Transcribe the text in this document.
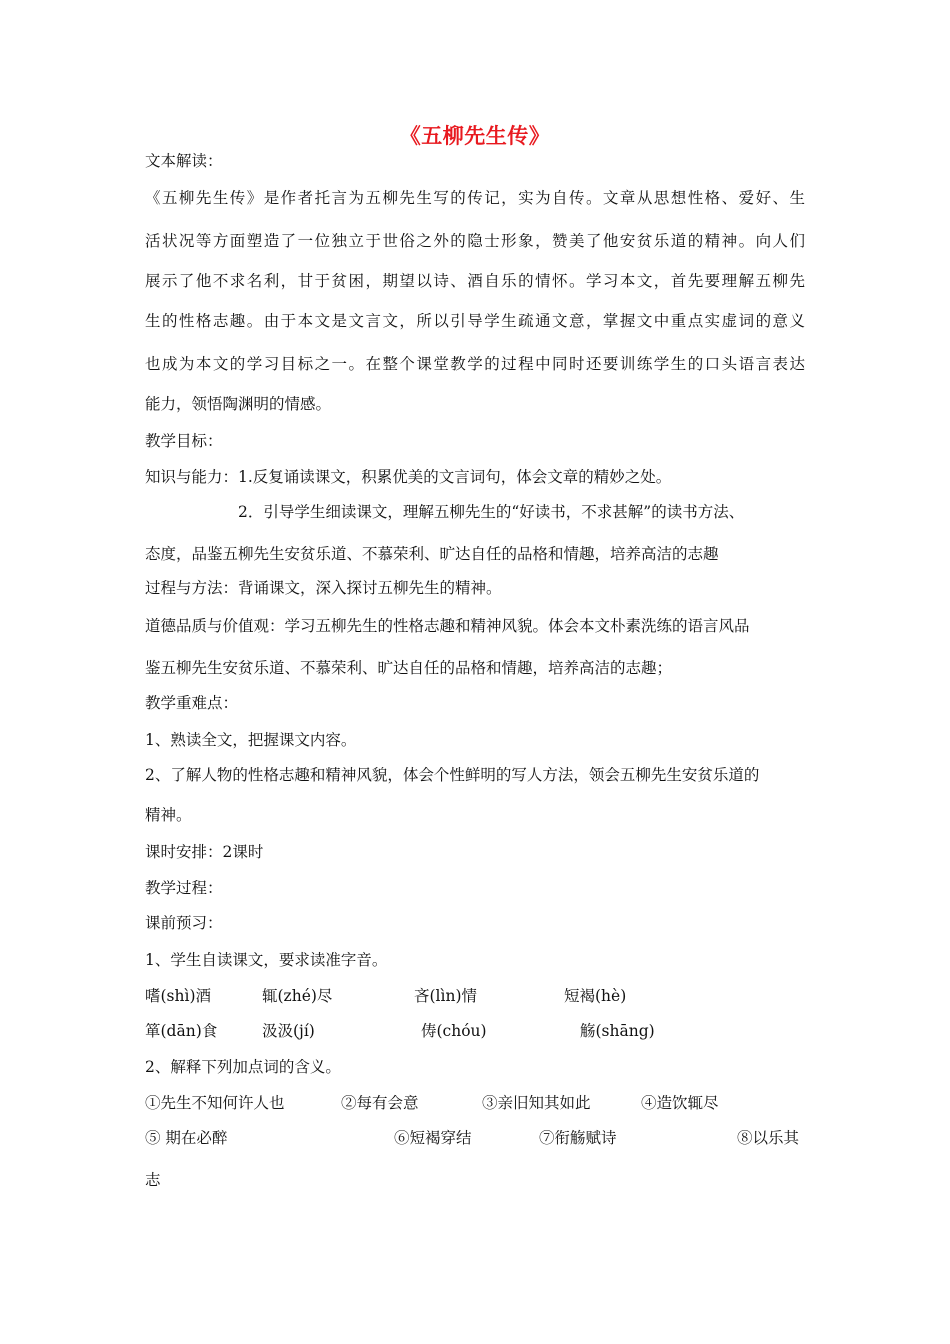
《五柳先生传》
文本解读：
《五柳先生传》是作者托言为五柳先生写的传记，实为自传。文章从思想性格、爱好、生
活状况等方面塑造了一位独立于世俗之外的隐士形象，赞美了他安贫乐道的精神。向人们
展示了他不求名利，甘于贫困，期望以诗、酒自乐的情怀。学习本文，首先要理解五柳先
生的性格志趣。由于本文是文言文，所以引导学生疏通文意，掌握文中重点实虚词的意义
也成为本文的学习目标之一。在整个课堂教学的过程中同时还要训练学生的口头语言表达
能力，领悟陶渊明的情感。
教学目标：
知识与能力：1.反复诵读课文，积累优美的文言词句，体会文章的精妙之处。
2．引导学生细读课文，理解五柳先生的“好读书，不求甚解”的读书方法、
态度，品鉴五柳先生安贫乐道、不慕荣利、旷达自任的品格和情趣，培养高洁的志趣
过程与方法：背诵课文，深入探讨五柳先生的精神。
道德品质与价值观：学习五柳先生的性格志趣和精神风貌。体会本文朴素洗练的语言风品
鉴五柳先生安贫乐道、不慕荣利、旷达自任的品格和情趣，培养高洁的志趣；
教学重难点：
1、熟读全文，把握课文内容。
2、了解人物的性格志趣和精神风貌，体会个性鲜明的写人方法，领会五柳先生安贫乐道的
精神。
课时安排：2课时
教学过程：
课前预习：
1、学生自读课文，要求读准字音。
嗜(shì)酒	辄(zhé)尽	吝(lìn)情	短褐(hè)
箪(dān)食	汲汲(jí)	俦(chóu)	觞(shāng)
2、解释下列加点词的含义。
①先生不知何许人也	②每有会意	③亲旧知其如此	④造饮辄尽
⑤ 期在必醉	⑥短褐穿结	⑦衔觞赋诗	⑧以乐其
志
